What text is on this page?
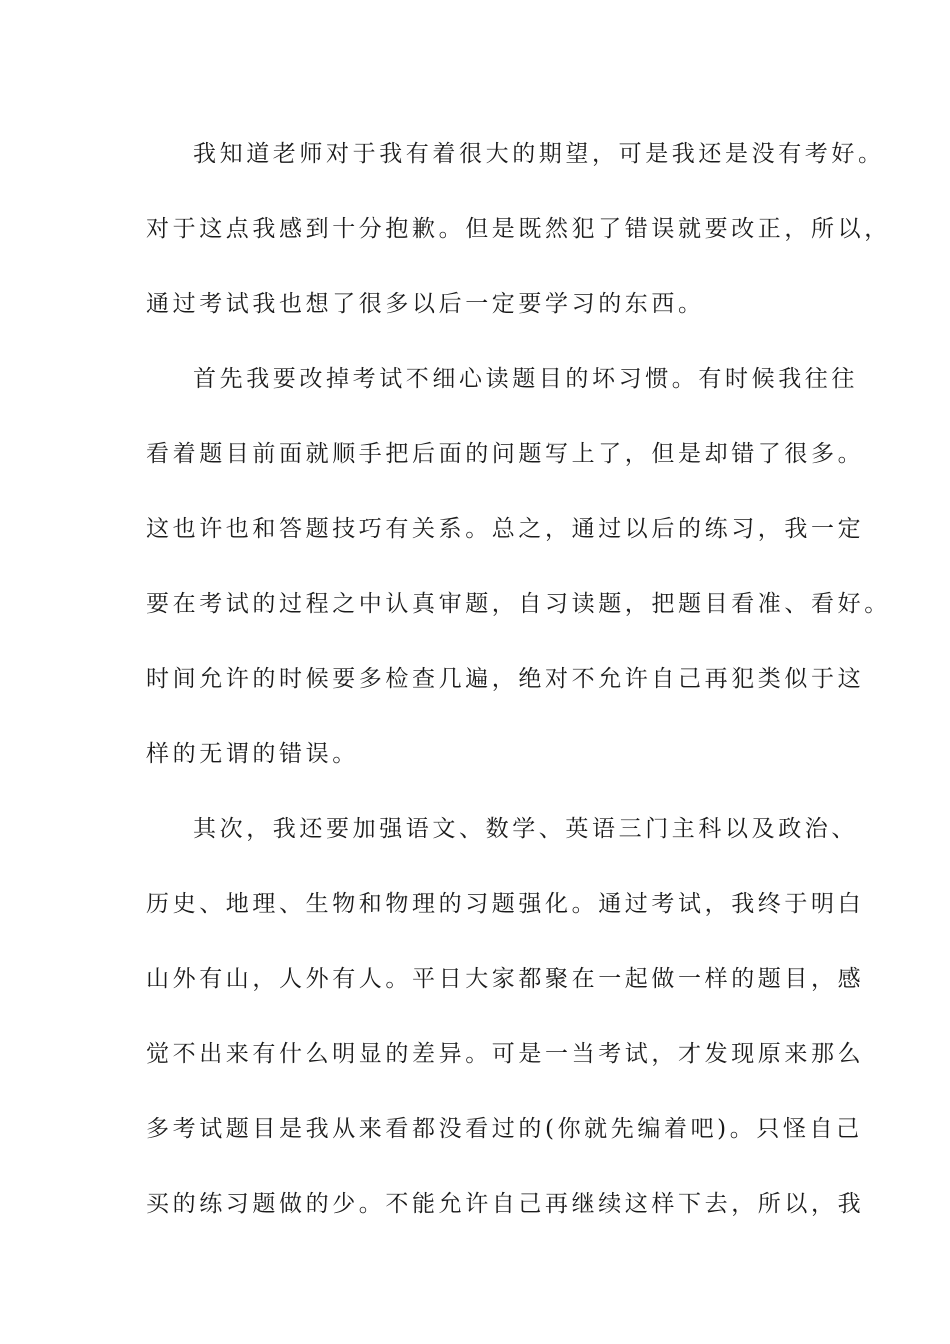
我知道老师对于我有着很大的期望，可是我还是没有考好。
对于这点我感到十分抱歉。但是既然犯了错误就要改正，所以，
通过考试我也想了很多以后一定要学习的东西。
首先我要改掉考试不细心读题目的坏习惯。有时候我往往
看着题目前面就顺手把后面的问题写上了，但是却错了很多。
这也许也和答题技巧有关系。总之，通过以后的练习，我一定
要在考试的过程之中认真审题，自习读题，把题目看准、看好。
时间允许的时候要多检查几遍，绝对不允许自己再犯类似于这
样的无谓的错误。
其次，我还要加强语文、数学、英语三门主科以及政治、
历史、地理、生物和物理的习题强化。通过考试，我终于明白
山外有山，人外有人。平日大家都聚在一起做一样的题目，感
觉不出来有什么明显的差异。可是一当考试，才发现原来那么
多考试题目是我从来看都没看过的(你就先编着吧)。只怪自己
买的练习题做的少。不能允许自己再继续这样下去，所以，我
